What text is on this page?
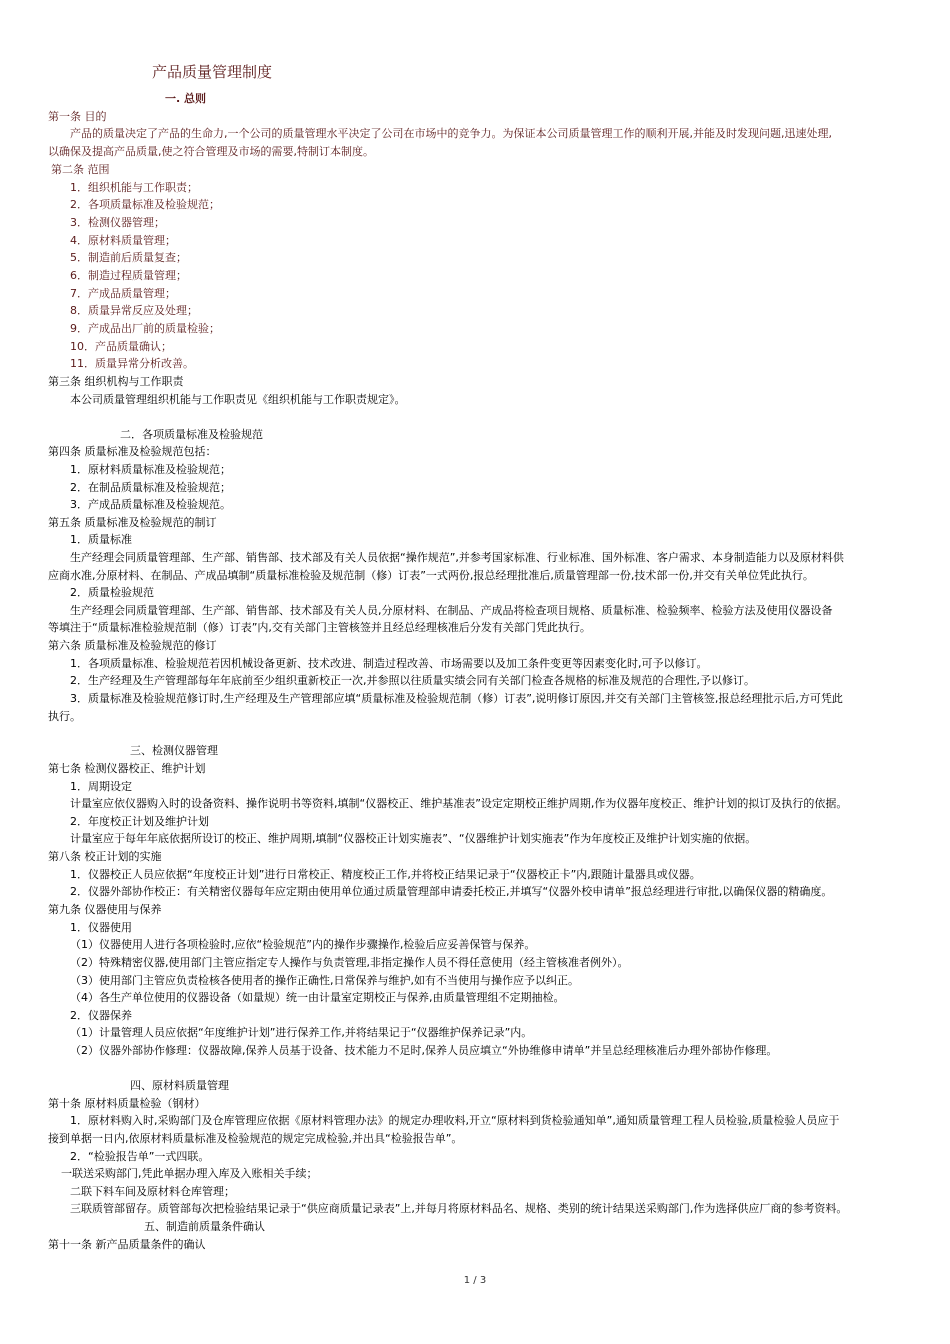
产品质量管理制度
一. 总则
第一条 目的
产品的质量决定了产品的生命力,一个公司的质量管理水平决定了公司在市场中的竞争力。为保证本公司质量管理工作的顺利开展,并能及时发现问题,迅速处理,
以确保及提高产品质量,使之符合管理及市场的需要,特制订本制度。
第二条 范围
1．组织机能与工作职责；
2．各项质量标准及检验规范；
3．检测仪器管理；
4．原材料质量管理；
5．制造前后质量复查；
6．制造过程质量管理；
7．产成品质量管理；
8．质量异常反应及处理；
9．产成品出厂前的质量检验；
10．产品质量确认；
11．质量异常分析改善。
第三条 组织机构与工作职责
本公司质量管理组织机能与工作职责见《组织机能与工作职责规定》。
二．各项质量标准及检验规范
第四条 质量标准及检验规范包括：
1．原材料质量标准及检验规范；
2．在制品质量标准及检验规范；
3．产成品质量标准及检验规范。
第五条 质量标准及检验规范的制订
1．质量标准
生产经理会同质量管理部、生产部、销售部、技术部及有关人员依据“操作规范”,并参考国家标准、行业标准、国外标准、客户需求、本身制造能力以及原材料供
应商水准,分原材料、在制品、产成品填制“质量标准检验及规范制（修）订表”一式两份,报总经理批准后,质量管理部一份,技术部一份,并交有关单位凭此执行。
2．质量检验规范
生产经理会同质量管理部、生产部、销售部、技术部及有关人员,分原材料、在制品、产成品将检查项目规格、质量标准、检验频率、检验方法及使用仪器设备
等填注于“质量标准检验规范制（修）订表”内,交有关部门主管核签并且经总经理核准后分发有关部门凭此执行。
第六条 质量标准及检验规范的修订
1．各项质量标准、检验规范若因机械设备更新、技术改进、制造过程改善、市场需要以及加工条件变更等因素变化时,可予以修订。
2．生产经理及生产管理部每年年底前至少组织重新校正一次,并参照以往质量实绩会同有关部门检查各规格的标准及规范的合理性,予以修订。
3．质量标准及检验规范修订时,生产经理及生产管理部应填“质量标准及检验规范制（修）订表”,说明修订原因,并交有关部门主管核签,报总经理批示后,方可凭此
执行。
三、检测仪器管理
第七条 检测仪器校正、维护计划
1．周期设定
计量室应依仪器购入时的设备资料、操作说明书等资料,填制“仪器校正、维护基准表”设定定期校正维护周期,作为仪器年度校正、维护计划的拟订及执行的依据。
2．年度校正计划及维护计划
计量室应于每年年底依据所设订的校正、维护周期,填制“仪器校正计划实施表”、“仪器维护计划实施表”作为年度校正及维护计划实施的依据。
第八条 校正计划的实施
1．仪器校正人员应依据“年度校正计划”进行日常校正、精度校正工作,并将校正结果记录于“仪器校正卡”内,跟随计量器具或仪器。
2．仪器外部协作校正：有关精密仪器每年应定期由使用单位通过质量管理部申请委托校正,并填写“仪器外校申请单”报总经理进行审批,以确保仪器的精确度。
第九条 仪器使用与保养
1．仪器使用
（1）仪器使用人进行各项检验时,应依“检验规范”内的操作步骤操作,检验后应妥善保管与保养。
（2）特殊精密仪器,使用部门主管应指定专人操作与负责管理,非指定操作人员不得任意使用（经主管核准者例外）。
（3）使用部门主管应负责检核各使用者的操作正确性,日常保养与维护,如有不当使用与操作应予以纠正。
（4）各生产单位使用的仪器设备（如量规）统一由计量室定期校正与保养,由质量管理组不定期抽检。
2．仪器保养
（1）计量管理人员应依据“年度维护计划”进行保养工作,并将结果记于“仪器维护保养记录”内。
（2）仪器外部协作修理：仪器故障,保养人员基于设备、技术能力不足时,保养人员应填立“外协维修申请单”并呈总经理核准后办理外部协作修理。
四、原材料质量管理
第十条 原材料质量检验（钢材）
1．原材料购入时,采购部门及仓库管理应依据《原材料管理办法》的规定办理收料,开立“原材料到货检验通知单”,通知质量管理工程人员检验,质量检验人员应于
接到单据一日内,依原材料质量标准及检验规范的规定完成检验,并出具“检验报告单”。
2．“检验报告单”一式四联。
一联送采购部门,凭此单据办理入库及入账相关手续；
二联下料车间及原材料仓库管理；
三联质管部留存。质管部每次把检验结果记录于“供应商质量记录表”上,并每月将原材料品名、规格、类别的统计结果送采购部门,作为选择供应厂商的参考资料。
五、制造前质量条件确认
第十一条 新产品质量条件的确认
1 / 3
